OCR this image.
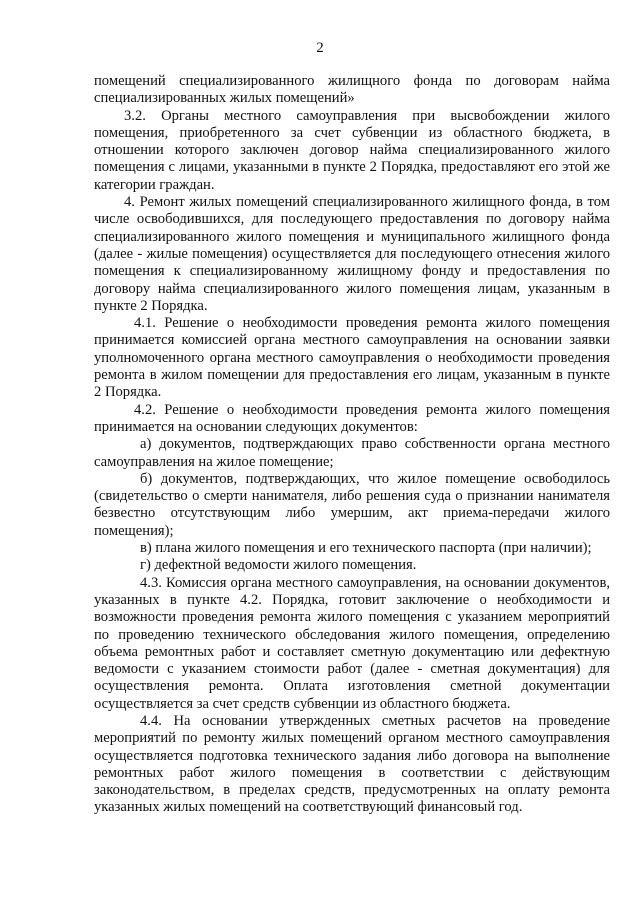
2

помещений специализированного жилищного фонда по договорам найма специализированных жилых помещений»

3.2. Органы местного самоуправления при высвобождении жилого помещения, приобретенного за счет субвенции из областного бюджета, в отношении которого заключен договор найма специализированного жилого помещения с лицами, указанными в пункте 2 Порядка, предоставляют его этой же категории граждан.

4. Ремонт жилых помещений специализированного жилищного фонда, в том числе освободившихся, для последующего предоставления по договору найма специализированного жилого помещения и муниципального жилищного фонда (далее - жилые помещения) осуществляется для последующего отнесения жилого помещения к специализированному жилищному фонду и предоставления по договору найма специализированного жилого помещения лицам, указанным в пункте 2 Порядка.

4.1. Решение о необходимости проведения ремонта жилого помещения принимается комиссией органа местного самоуправления на основании заявки уполномоченного органа местного самоуправления о необходимости проведения ремонта в жилом помещении для предоставления его лицам, указанным в пункте 2 Порядка.

4.2. Решение о необходимости проведения ремонта жилого помещения принимается на основании следующих документов:

а) документов, подтверждающих право собственности органа местного самоуправления на жилое помещение;

б) документов, подтверждающих, что жилое помещение освободилось (свидетельство о смерти нанимателя, либо решения суда о признании нанимателя безвестно отсутствующим либо умершим, акт приема-передачи жилого помещения);

в) плана жилого помещения и его технического паспорта (при наличии);

г) дефектной ведомости жилого помещения.

4.3. Комиссия органа местного самоуправления, на основании документов, указанных в пункте 4.2. Порядка, готовит заключение о необходимости и возможности проведения ремонта жилого помещения с указанием мероприятий по проведению технического обследования жилого помещения, определению объема ремонтных работ и составляет сметную документацию или дефектную ведомости с указанием стоимости работ (далее - сметная документация) для осуществления ремонта. Оплата изготовления сметной документации осуществляется за счет средств субвенции из областного бюджета.

4.4. На основании утвержденных сметных расчетов на проведение мероприятий по ремонту жилых помещений органом местного самоуправления осуществляется подготовка технического задания либо договора на выполнение ремонтных работ жилого помещения в соответствии с действующим законодательством, в пределах средств, предусмотренных на оплату ремонта указанных жилых помещений на соответствующий финансовый год.
